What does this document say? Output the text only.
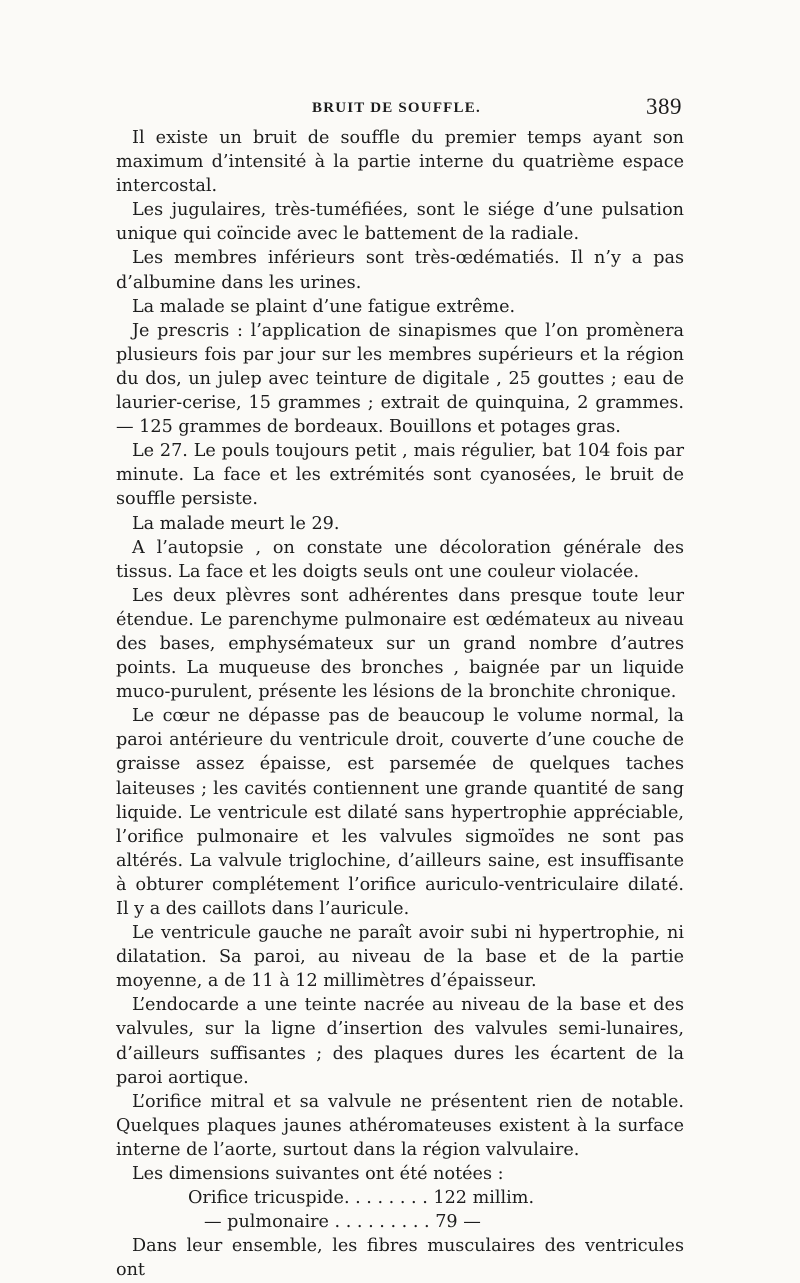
BRUIT DE SOUFFLE.	389

Il existe un bruit de souffle du premier temps ayant son maximum d’intensité à la partie interne du quatrième espace intercostal.

Les jugulaires, très-tuméfiées, sont le siége d’une pulsation unique qui coïncide avec le battement de la radiale.

Les membres inférieurs sont très-œdématiés. Il n’y a pas d’albumine dans les urines.

La malade se plaint d’une fatigue extrême.

Je prescris : l’application de sinapismes que l’on promènera plusieurs fois par jour sur les membres supérieurs et la région du dos, un julep avec teinture de digitale , 25 gouttes ; eau de laurier-cerise, 15 grammes ; extrait de quinquina, 2 grammes. — 125 grammes de bordeaux. Bouillons et potages gras.

Le 27. Le pouls toujours petit , mais régulier, bat 104 fois par minute. La face et les extrémités sont cyanosées, le bruit de souffle persiste.

La malade meurt le 29.

A l’autopsie , on constate une décoloration générale des tissus. La face et les doigts seuls ont une couleur violacée.

Les deux plèvres sont adhérentes dans presque toute leur étendue. Le parenchyme pulmonaire est œdémateux au niveau des bases, emphysémateux sur un grand nombre d’autres points. La muqueuse des bronches , baignée par un liquide muco-purulent, présente les lésions de la bronchite chronique.

Le cœur ne dépasse pas de beaucoup le volume normal, la paroi antérieure du ventricule droit, couverte d’une couche de graisse assez épaisse, est parsemée de quelques taches laiteuses ; les cavités contiennent une grande quantité de sang liquide. Le ventricule est dilaté sans hypertrophie appréciable, l’orifice pulmonaire et les valvules sigmoïdes ne sont pas altérés. La valvule triglochine, d’ailleurs saine, est insuffisante à obturer complétement l’orifice auriculo-ventriculaire dilaté. Il y a des caillots dans l’auricule.

Le ventricule gauche ne paraît avoir subi ni hypertrophie, ni dilatation. Sa paroi, au niveau de la base et de la partie moyenne, a de 11 à 12 millimètres d’épaisseur.

L’endocarde a une teinte nacrée au niveau de la base et des valvules, sur la ligne d’insertion des valvules semi-lunaires, d’ailleurs suffisantes ; des plaques dures les écartent de la paroi aortique.

L’orifice mitral et sa valvule ne présentent rien de notable. Quelques plaques jaunes athéromateuses existent à la surface interne de l’aorte, surtout dans la région valvulaire.

Les dimensions suivantes ont été notées :

Orifice tricuspide. . . . . . . . 122 millim.
— pulmonaire . . . . . . . . . 79 —

Dans leur ensemble, les fibres musculaires des ventricules ont
